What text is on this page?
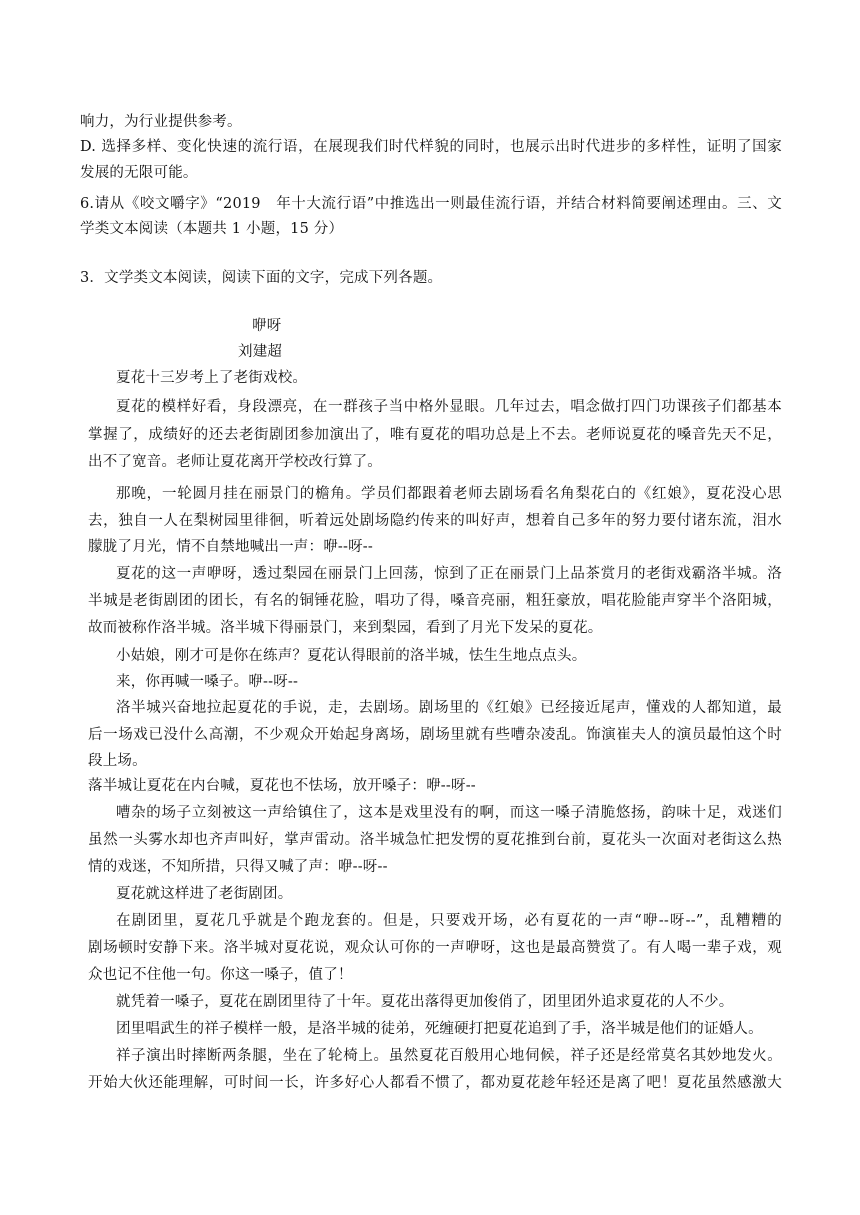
响力，为行业提供参考。
D. 选择多样、变化快速的流行语，在展现我们时代样貌的同时，也展示出时代进步的多样性，证明了国家
发展的无限可能。
6.请从《咬文嚼字》“2019　年十大流行语”中推选出一则最佳流行语，并结合材料简要阐述理由。三、文
学类文本阅读（本题共 1 小题，15 分）
3．文学类文本阅读，阅读下面的文字，完成下列各题。
咿呀
刘建超
夏花十三岁考上了老街戏校。
夏花的模样好看，身段漂亮，在一群孩子当中格外显眼。几年过去，唱念做打四门功课孩子们都基本
掌握了，成绩好的还去老街剧团参加演出了，唯有夏花的唱功总是上不去。老师说夏花的嗓音先天不足，
出不了宽音。老师让夏花离开学校改行算了。
那晚，一轮圆月挂在丽景门的檐角。学员们都跟着老师去剧场看名角梨花白的《红娘》，夏花没心思
去，独自一人在梨树园里徘徊，听着远处剧场隐约传来的叫好声，想着自己多年的努力要付诸东流，泪水
朦胧了月光，情不自禁地喊出一声：咿--呀--
夏花的这一声咿呀，透过梨园在丽景门上回荡，惊到了正在丽景门上品茶赏月的老街戏霸洛半城。洛
半城是老街剧团的团长，有名的铜锤花脸，唱功了得，嗓音亮丽，粗狂豪放，唱花脸能声穿半个洛阳城，
故而被称作洛半城。洛半城下得丽景门，来到梨园，看到了月光下发呆的夏花。
小姑娘，刚才可是你在练声？夏花认得眼前的洛半城，怯生生地点点头。
来，你再喊一嗓子。咿--呀--
洛半城兴奋地拉起夏花的手说，走，去剧场。剧场里的《红娘》已经接近尾声，懂戏的人都知道，最
后一场戏已没什么高潮，不少观众开始起身离场，剧场里就有些嘈杂凌乱。饰演崔夫人的演员最怕这个时
段上场。
落半城让夏花在内台喊，夏花也不怯场，放开嗓子：咿--呀--
嘈杂的场子立刻被这一声给镇住了，这本是戏里没有的啊，而这一嗓子清脆悠扬，韵味十足，戏迷们
虽然一头雾水却也齐声叫好，掌声雷动。洛半城急忙把发愣的夏花推到台前，夏花头一次面对老街这么热
情的戏迷，不知所措，只得又喊了声：咿--呀--
夏花就这样进了老街剧团。
在剧团里，夏花几乎就是个跑龙套的。但是，只要戏开场，必有夏花的一声“咿--呀--”，乱糟糟的
剧场顿时安静下来。洛半城对夏花说，观众认可你的一声咿呀，这也是最高赞赏了。有人喝一辈子戏，观
众也记不住他一句。你这一嗓子，值了！
就凭着一嗓子，夏花在剧团里待了十年。夏花出落得更加俊俏了，团里团外追求夏花的人不少。
团里唱武生的祥子模样一般，是洛半城的徒弟，死缠硬打把夏花追到了手，洛半城是他们的证婚人。
祥子演出时摔断两条腿，坐在了轮椅上。虽然夏花百般用心地伺候，祥子还是经常莫名其妙地发火。
开始大伙还能理解，可时间一长，许多好心人都看不惯了，都劝夏花趁年轻还是离了吧！夏花虽然感激大
